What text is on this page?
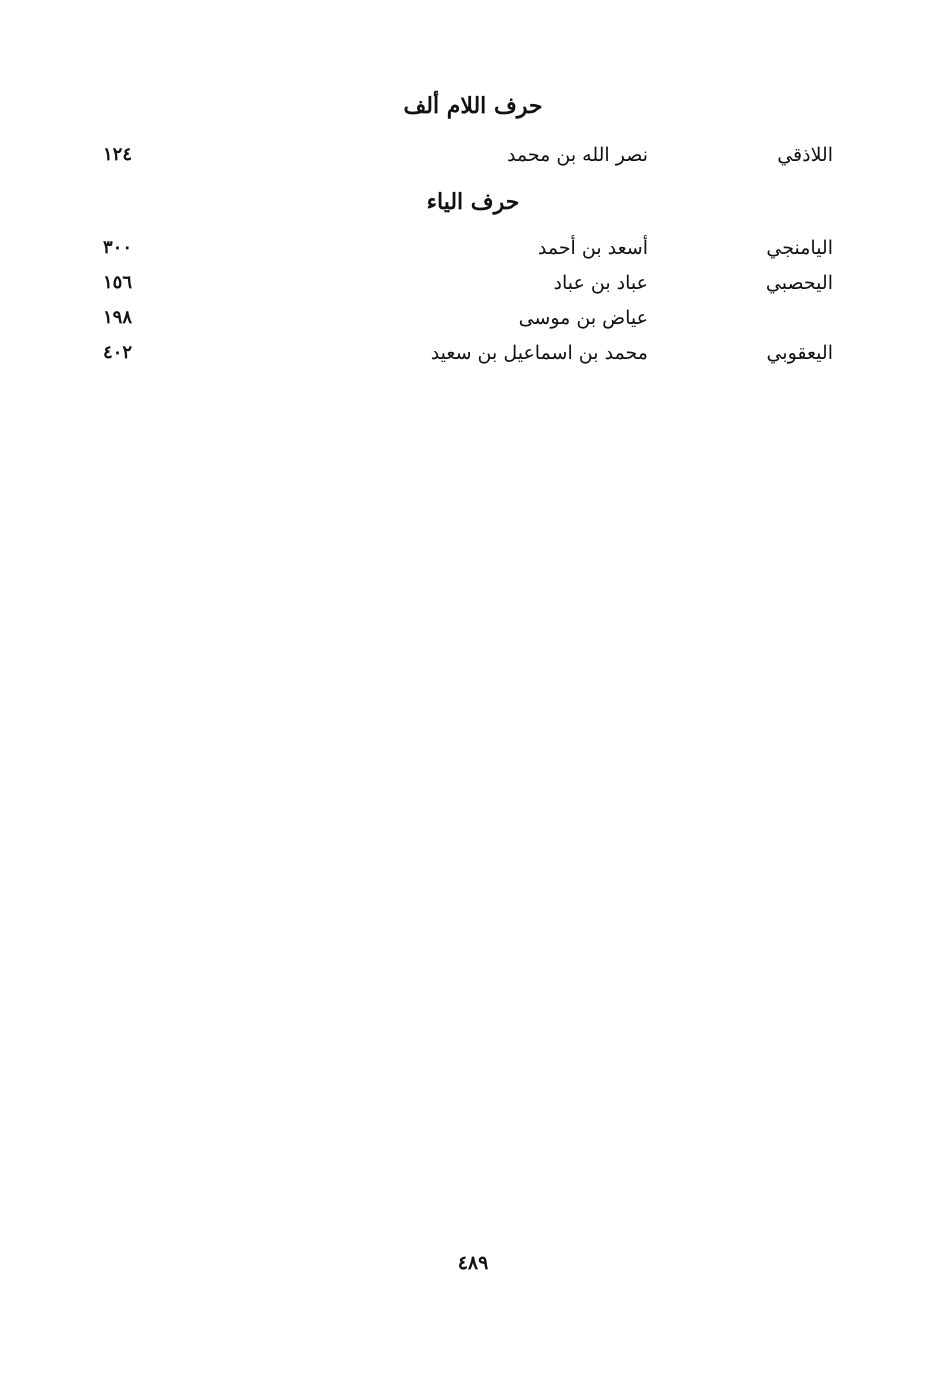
حرف اللام ألف
اللاذقي
نصر الله بن محمد
١٢٤
حرف الياء
اليامنجي
أسعد بن أحمد
٣٠٠
اليحصبي
عباد بن عباد
١٥٦
عياض بن موسى
١٩٨
اليعقوبي
محمد بن اسماعيل بن سعيد
٤٠٢
٤٨٩
